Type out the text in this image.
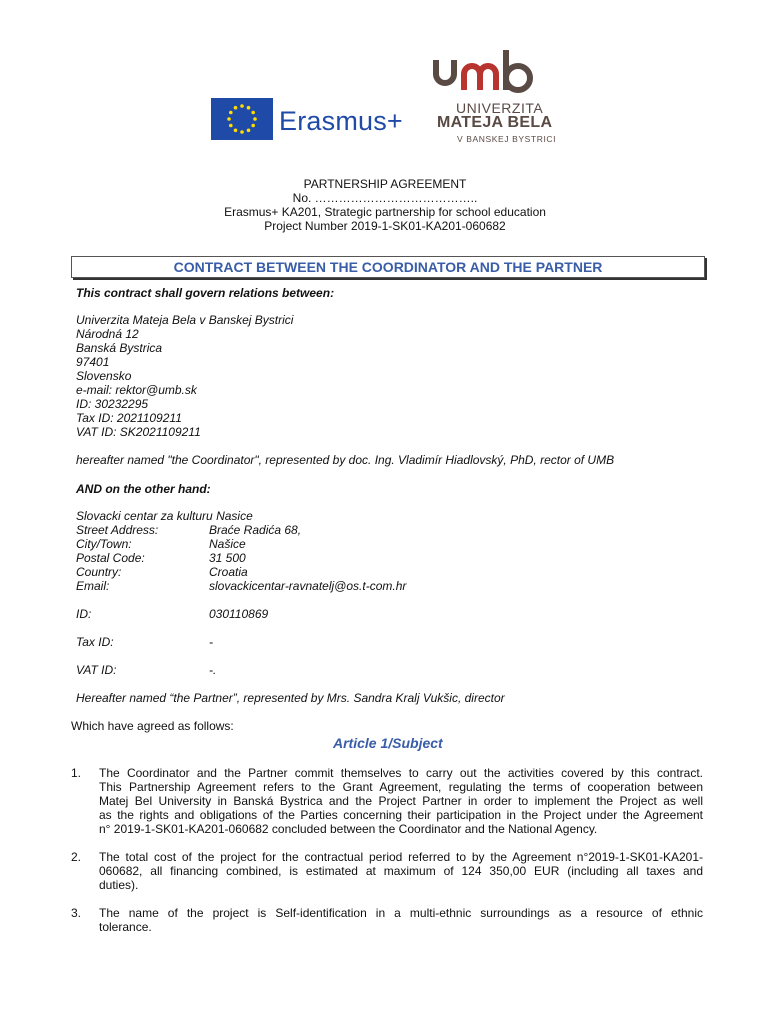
Erasmus+	UNIVERZITA
MATEJA BELA
V BANSKEJ BYSTRICI
PARTNERSHIP AGREEMENT
No. …………………………………..
Erasmus+ KA201, Strategic partnership for school education
Project Number 2019-1-SK01-KA201-060682
CONTRACT BETWEEN THE COORDINATOR AND THE PARTNER
This contract shall govern relations between:
Univerzita Mateja Bela v Banskej Bystrici
Národná 12
Banská Bystrica
97401
Slovensko
e-mail: rektor@umb.sk
ID: 30232295
Tax ID: 2021109211
VAT ID: SK2021109211
hereafter named "the Coordinator", represented by doc. Ing. Vladimír Hiadlovský, PhD, rector of UMB
AND on the other hand:
Slovacki centar za kulturu Nasice
Street Address:	Braće Radića 68,
City/Town:	Našice
Postal Code:	31 500
Country:	Croatia
Email:	slovackicentar-ravnatelj@os.t-com.hr
ID:	030110869
Tax ID:	-
VAT ID:	-.
Hereafter named “the Partner”, represented by Mrs. Sandra Kralj Vukšic, director
Which have agreed as follows:
Article 1/Subject
1. The Coordinator and the Partner commit themselves to carry out the activities covered by this contract.
This Partnership Agreement refers to the Grant Agreement, regulating the terms of cooperation between
Matej Bel University in Banská Bystrica and the Project Partner in order to implement the Project as well
as the rights and obligations of the Parties concerning their participation in the Project under the Agreement
n° 2019-1-SK01-KA201-060682 concluded between the Coordinator and the National Agency.
2. The total cost of the project for the contractual period referred to by the Agreement n°2019-1-SK01-KA201-
060682, all financing combined, is estimated at maximum of 124 350,00 EUR (including all taxes and
duties).
3. The name of the project is Self-identification in a multi-ethnic surroundings as a resource of ethnic
tolerance.
